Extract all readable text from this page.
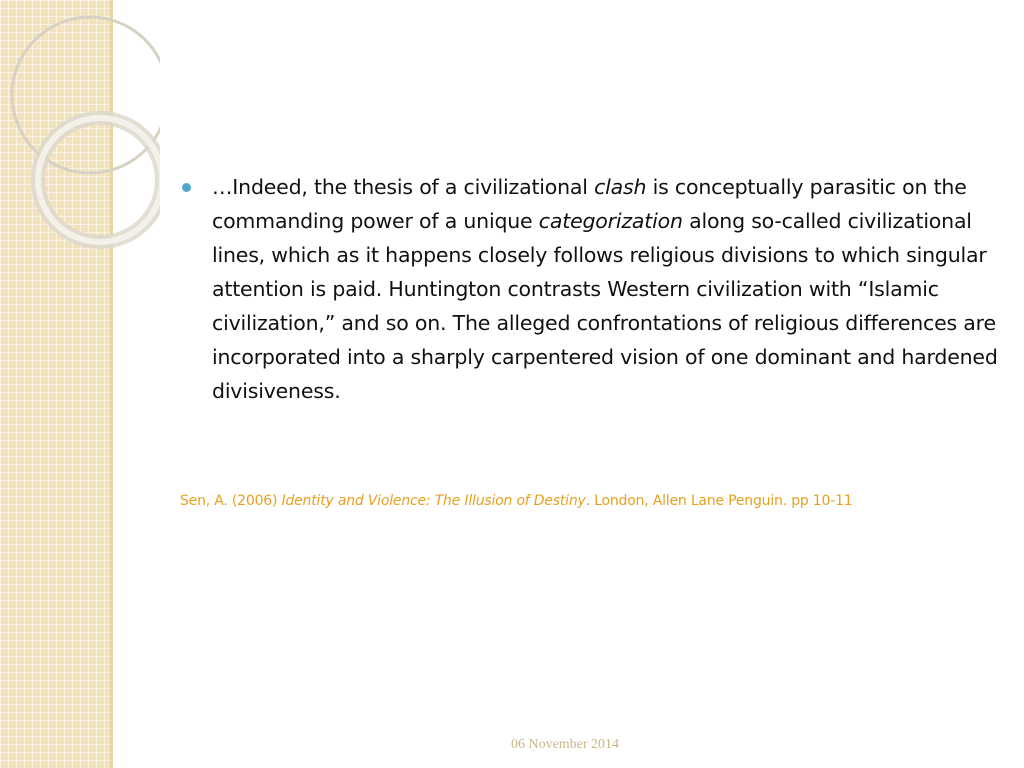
…Indeed, the thesis of a civilizational clash is conceptually parasitic on the commanding power of a unique categorization along so-called civilizational lines, which as it happens closely follows religious divisions to which singular attention is paid. Huntington contrasts Western civilization with “Islamic civilization,” and so on. The alleged confrontations of religious differences are incorporated into a sharply carpentered vision of one dominant and hardened divisiveness.

Sen, A. (2006) Identity and Violence: The Illusion of Destiny. London, Allen Lane Penguin. pp 10-11
06 November 2014
